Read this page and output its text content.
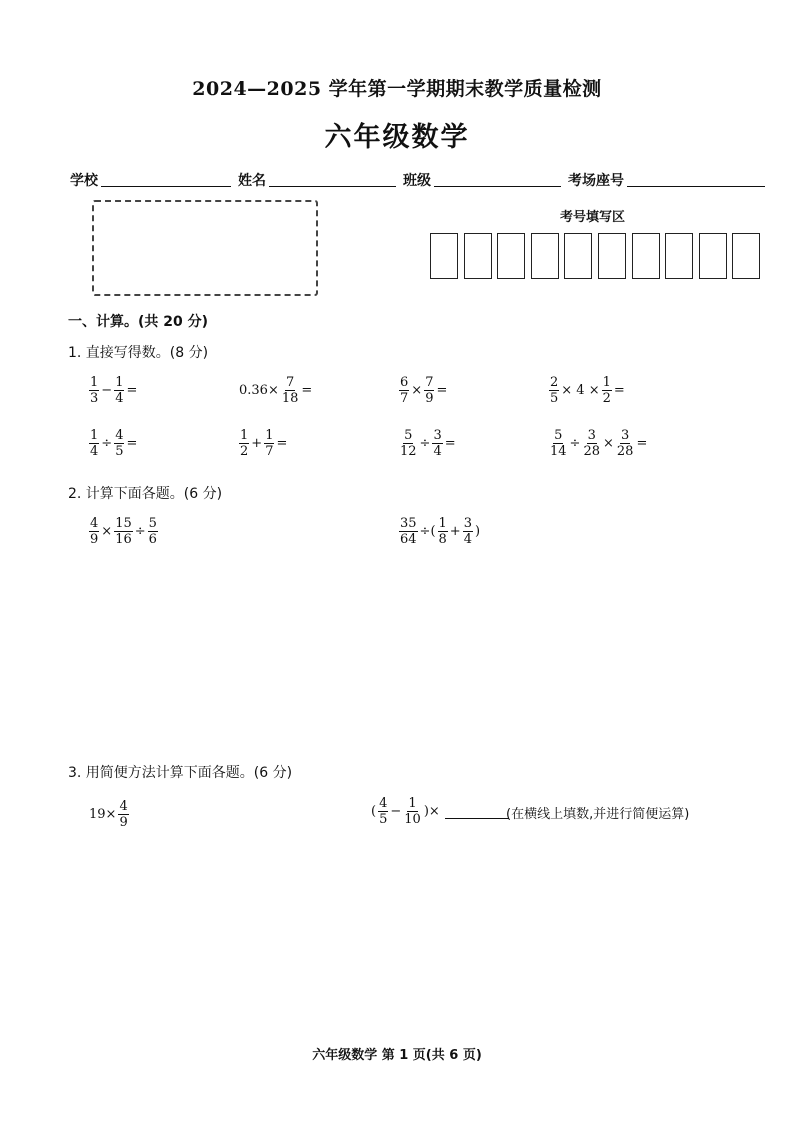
2024—2025 学年第一学期期末教学质量检测
六年级数学
学校	姓名	班级	考场座号
考号填写区
一、计算。(共 20 分)
1. 直接写得数。(8 分)
$\frac{1}{3} - \frac{1}{4}$ =	$0.36\times \frac{7}{18}$ =	$\frac{6}{7} \times \frac{7}{9}$ =	$\frac{2}{5} \times 4 \times \frac{1}{2}$ =
$\frac{1}{4} \div \frac{4}{5}$ =	$\frac{1}{2} + \frac{1}{7}$ =	$\frac{5}{12} \div \frac{3}{4}$ =	$\frac{5}{14} \div \frac{3}{28} \times \frac{3}{28}$ =
2. 计算下面各题。(6 分)
$\frac{4}{9} \times \frac{15}{16} \div \frac{5}{6}$	$\frac{35}{64}$ ÷( $\frac{1}{8} + \frac{3}{4}$ )
3. 用简便方法计算下面各题。(6 分)
$19\times \frac{4}{9}$	( $\frac{4}{5} - \frac{1}{10}$ )×	(在横线上填数,并进行简便运算)
六年级数学 第 1 页(共 6 页)
